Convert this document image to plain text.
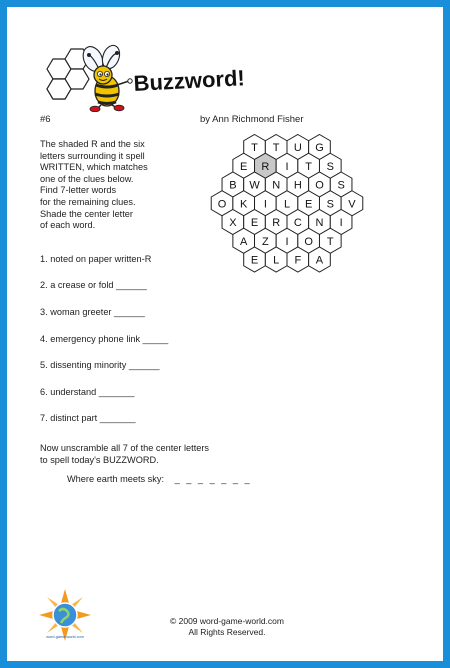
Buzzword!
#6	by Ann Richmond Fisher
The shaded R and the six
letters surrounding it spell
WRITTEN, which matches
one of the clues below.
Find 7-letter words
for the remaining clues.
Shade the center letter
of each word.
1. noted on paper written-R
2. a crease or fold ______
3. woman greeter ______
4. emergency phone link _____
5. dissenting minority ______
6. understand _______
7. distinct part _______
Now unscramble all 7 of the center letters
to spell today's BUZZWORD.
Where earth meets sky: _ _ _ _ _ _ _
T T U G
E R I T S
B W N H O S
O K I L E S V
X E R C N I
A Z I O T
E L F A
word-game-world.com
© 2009 word-game-world.com
All Rights Reserved.
